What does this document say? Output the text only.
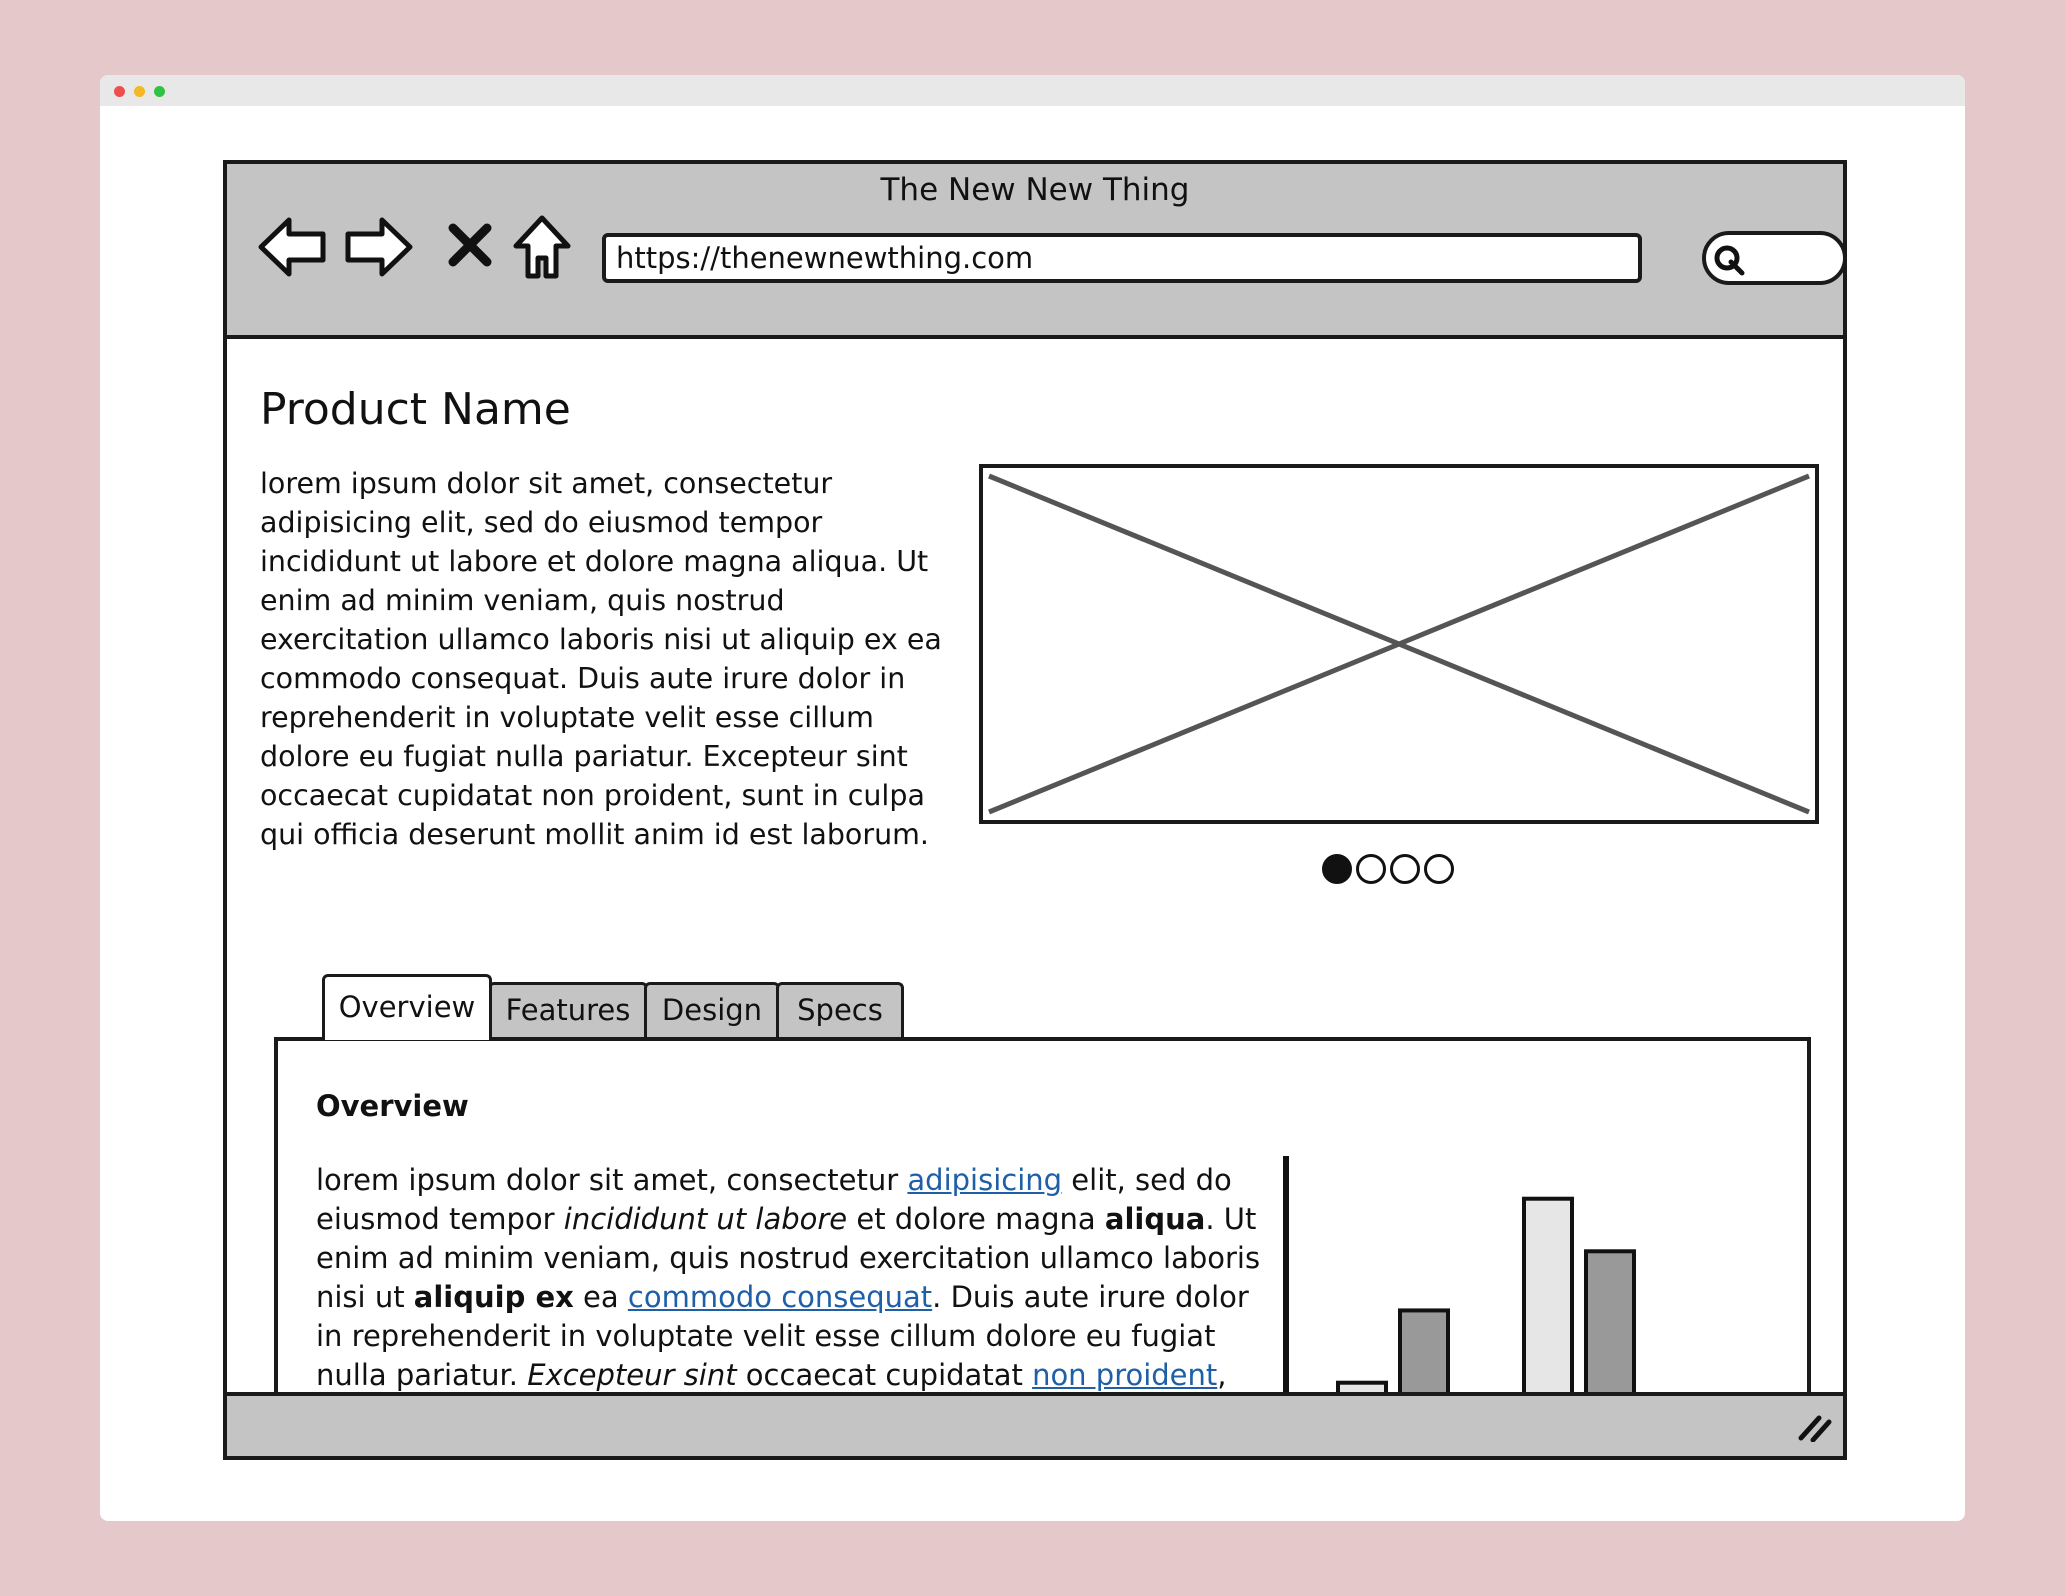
The New New Thing
https://thenewnewthing.com
Product Name

lorem ipsum dolor sit amet, consectetur adipisicing elit, sed do eiusmod tempor incididunt ut labore et dolore magna aliqua. Ut enim ad minim veniam, quis nostrud exercitation ullamco laboris nisi ut aliquip ex ea commodo consequat. Duis aute irure dolor in reprehenderit in voluptate velit esse cillum dolore eu fugiat nulla pariatur. Excepteur sint occaecat cupidatat non proident, sunt in culpa qui officia deserunt mollit anim id est laborum.

Overview	Features	Design	Specs
Overview

lorem ipsum dolor sit amet, consectetur adipisicing elit, sed do eiusmod tempor incididunt ut labore et dolore magna aliqua. Ut enim ad minim veniam, quis nostrud exercitation ullamco laboris nisi ut aliquip ex ea commodo consequat. Duis aute irure dolor in reprehenderit in voluptate velit esse cillum dolore eu fugiat nulla pariatur. Excepteur sint occaecat cupidatat non proident,
